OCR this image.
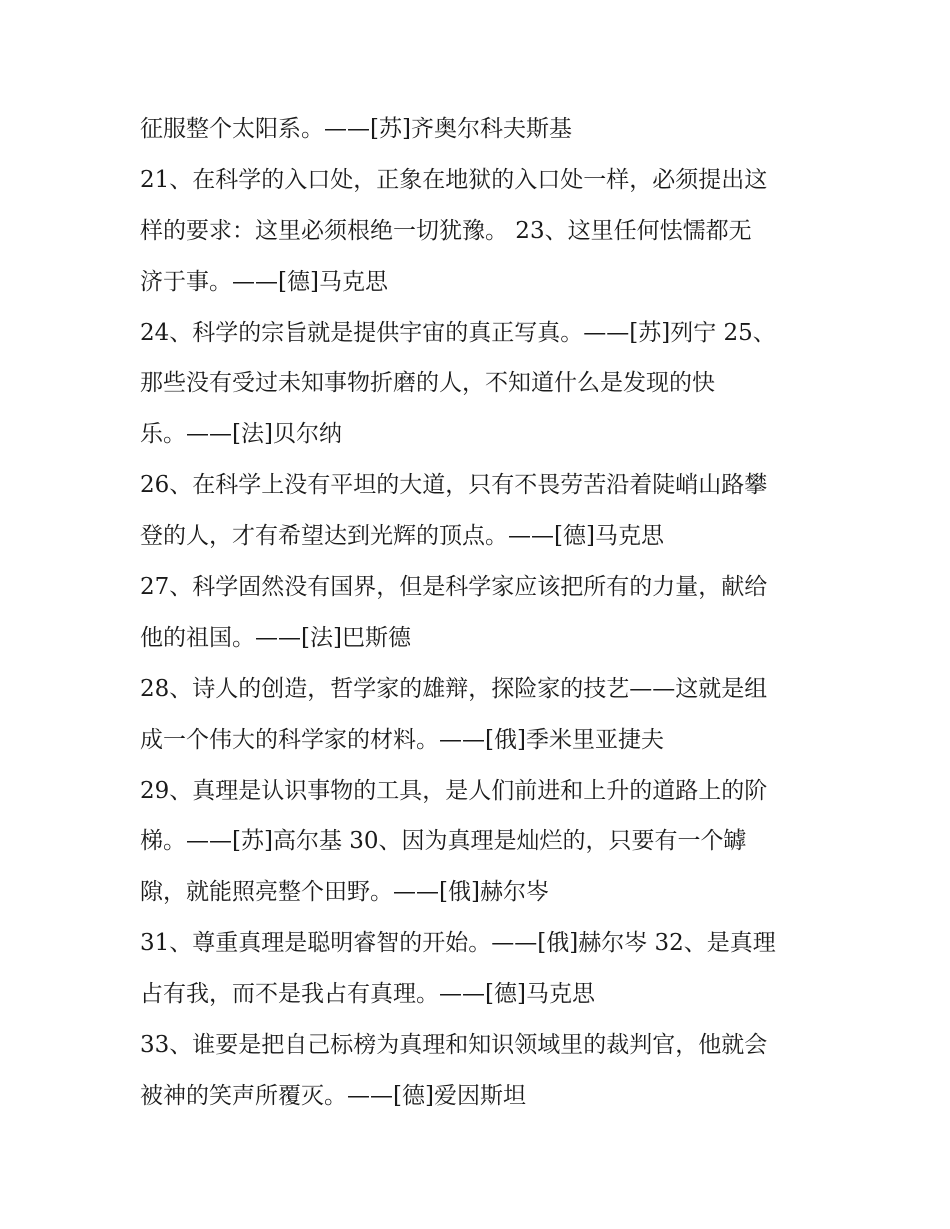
征服整个太阳系。——[苏]齐奥尔科夫斯基
21、在科学的入口处，正象在地狱的入口处一样，必须提出这
样的要求：这里必须根绝一切犹豫。 23、这里任何怯懦都无
济于事。——[德]马克思
24、科学的宗旨就是提供宇宙的真正写真。——[苏]列宁 25、
那些没有受过未知事物折磨的人，不知道什么是发现的快
乐。——[法]贝尔纳
26、在科学上没有平坦的大道，只有不畏劳苦沿着陡峭山路攀
登的人，才有希望达到光辉的顶点。——[德]马克思
27、科学固然没有国界，但是科学家应该把所有的力量，献给
他的祖国。——[法]巴斯德
28、诗人的创造，哲学家的雄辩，探险家的技艺——这就是组
成一个伟大的科学家的材料。——[俄]季米里亚捷夫
29、真理是认识事物的工具，是人们前进和上升的道路上的阶
梯。——[苏]高尔基 30、因为真理是灿烂的，只要有一个罅
隙，就能照亮整个田野。——[俄]赫尔岑
31、尊重真理是聪明睿智的开始。——[俄]赫尔岑 32、是真理
占有我，而不是我占有真理。——[德]马克思
33、谁要是把自己标榜为真理和知识领域里的裁判官，他就会
被神的笑声所覆灭。——[德]爱因斯坦
